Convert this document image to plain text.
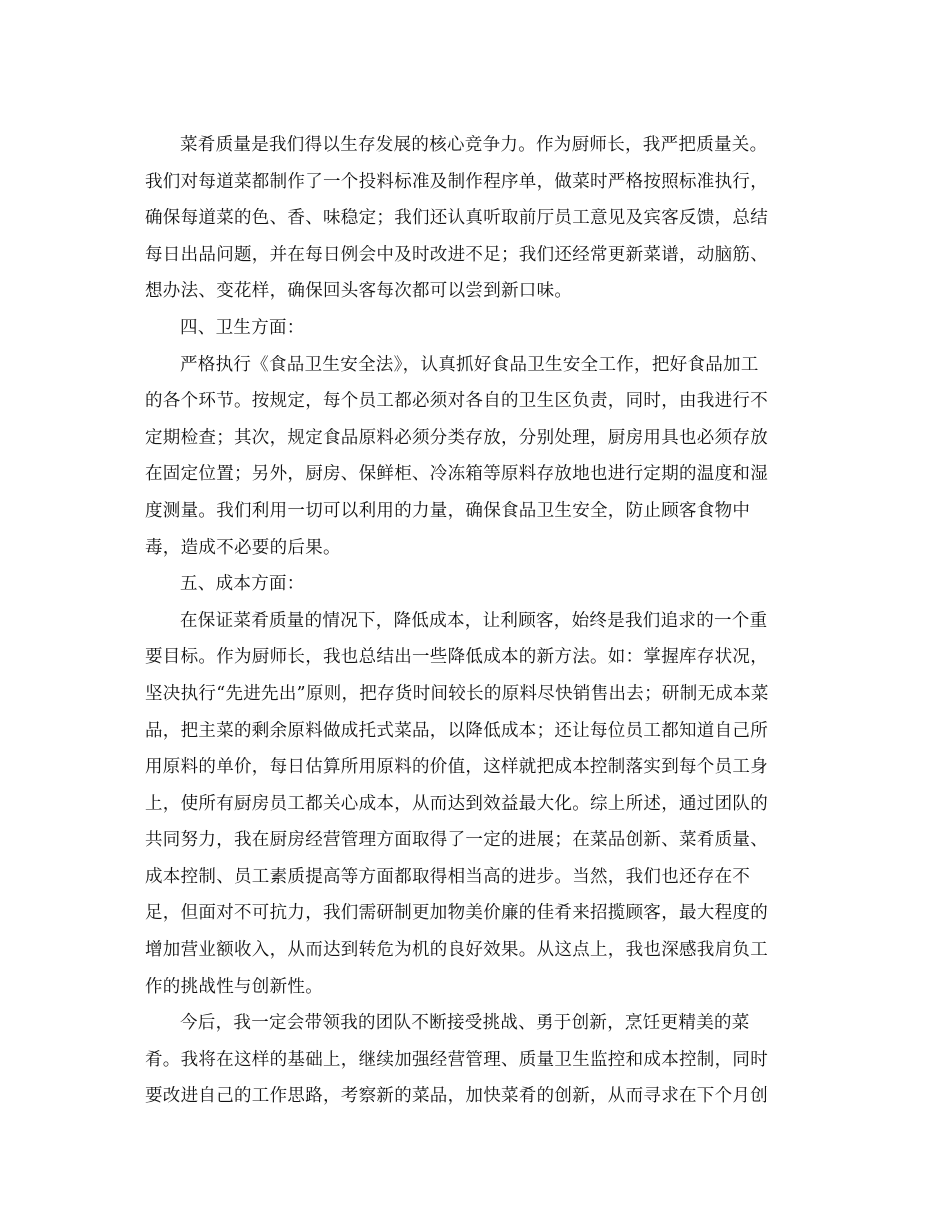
菜肴质量是我们得以生存发展的核心竞争力。作为厨师长，我严把质量关。
我们对每道菜都制作了一个投料标准及制作程序单，做菜时严格按照标准执行，
确保每道菜的色、香、味稳定；我们还认真听取前厅员工意见及宾客反馈，总结
每日出品问题，并在每日例会中及时改进不足；我们还经常更新菜谱，动脑筋、
想办法、变花样，确保回头客每次都可以尝到新口味。
四、卫生方面：
严格执行《食品卫生安全法》，认真抓好食品卫生安全工作，把好食品加工
的各个环节。按规定，每个员工都必须对各自的卫生区负责，同时，由我进行不
定期检查；其次，规定食品原料必须分类存放，分别处理，厨房用具也必须存放
在固定位置；另外，厨房、保鲜柜、冷冻箱等原料存放地也进行定期的温度和湿
度测量。我们利用一切可以利用的力量，确保食品卫生安全，防止顾客食物中
毒，造成不必要的后果。
五、成本方面：
在保证菜肴质量的情况下，降低成本，让利顾客，始终是我们追求的一个重
要目标。作为厨师长，我也总结出一些降低成本的新方法。如：掌握库存状况，
坚决执行“先进先出”原则，把存货时间较长的原料尽快销售出去；研制无成本菜
品，把主菜的剩余原料做成托式菜品，以降低成本；还让每位员工都知道自己所
用原料的单价，每日估算所用原料的价值，这样就把成本控制落实到每个员工身
上，使所有厨房员工都关心成本，从而达到效益最大化。综上所述，通过团队的
共同努力，我在厨房经营管理方面取得了一定的进展；在菜品创新、菜肴质量、
成本控制、员工素质提高等方面都取得相当高的进步。当然，我们也还存在不
足，但面对不可抗力，我们需研制更加物美价廉的佳肴来招揽顾客，最大程度的
增加营业额收入，从而达到转危为机的良好效果。从这点上，我也深感我肩负工
作的挑战性与创新性。
今后，我一定会带领我的团队不断接受挑战、勇于创新，烹饪更精美的菜
肴。我将在这样的基础上，继续加强经营管理、质量卫生监控和成本控制，同时
要改进自己的工作思路，考察新的菜品，加快菜肴的创新，从而寻求在下个月创
